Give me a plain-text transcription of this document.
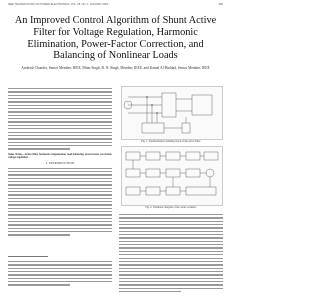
IEEE TRANSACTIONS ON POWER ELECTRONICS, VOL. 18, NO. 1, JANUARY 2003	385
An Improved Control Algorithm of Shunt Active Filter for Voltage Regulation, Harmonic Elimination, Power-Factor Correction, and Balancing of Nonlinear Loads
Ambrish Chandra, Senior Member, IEEE, Bhim Singh, B. N. Singh, Member, IEEE, and Kamal Al-Haddad, Senior Member, IEEE
Index Terms—Active filter, harmonic compensation, load balancing, power-factor correction, voltage regulation.
I. INTRODUCTION
Fig. 1. Transformerless building block of the active filter.
Fig. 2. Schematic diagram of the control scheme.
